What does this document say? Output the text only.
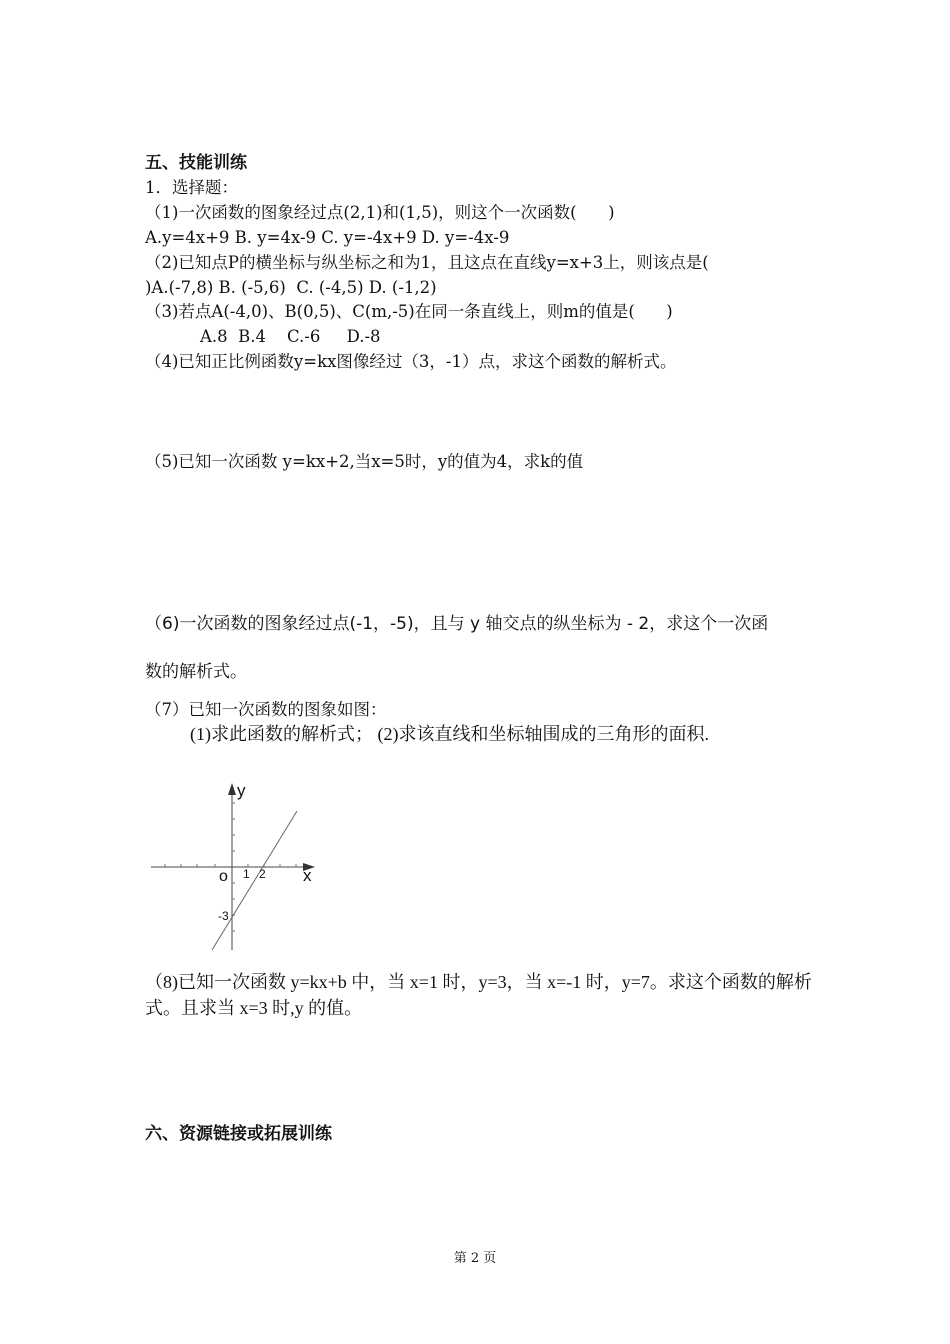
五、技能训练
1．选择题：
（1)一次函数的图象经过点(2,1)和(1,5)，则这个一次函数(      )
A.y=4x+9 B. y=4x-9 C. y=-4x+9 D. y=-4x-9
（2)已知点P的横坐标与纵坐标之和为1，且这点在直线y=x+3上，则该点是(
)A.(-7,8) B. (-5,6)  C. (-4,5) D. (-1,2)
（3)若点A(-4,0)、B(0,5)、C(m,-5)在同一条直线上，则m的值是(      )
A.8  B.4    C.-6     D.-8
（4)已知正比例函数y=kx图像经过（3，-1）点，求这个函数的解析式。
（5)已知一次函数 y=kx+2,当x=5时，y的值为4，求k的值
（6)一次函数的图象经过点(-1，-5)，且与 y 轴交点的纵坐标为 - 2，求这个一次函
数的解析式。
（7）已知一次函数的图象如图：
(1)求此函数的解析式； (2)求该直线和坐标轴围成的三角形的面积.
y
x
o 1 2
-3
（8)已知一次函数 y=kx+b 中，当 x=1 时，y=3，当 x=-1 时，y=7。求这个函数的解析
式。且求当 x=3 时,y 的值。
六、资源链接或拓展训练
第 2 页
